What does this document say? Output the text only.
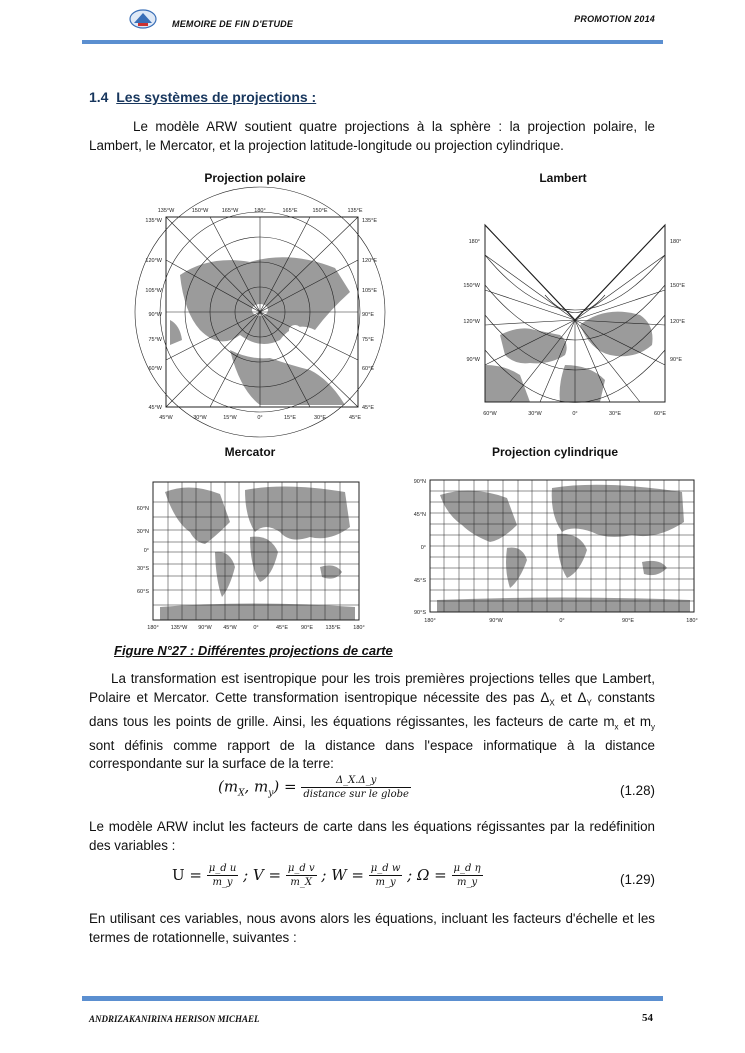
MEMOIRE DE FIN D'ETUDE	PROMOTION 2014
1.4 Les systèmes de projections :
Le modèle ARW soutient quatre projections à la sphère : la projection polaire, le Lambert, le Mercator, et la projection latitude-longitude ou projection cylindrique.
Projection polaire	Lambert
Mercator	Projection cylindrique
135°W	150°W 165°W	180°	165°E	150°E	135°E
135°W
120°W
105°W
90°W
75°W
60°W
45°W
135°E
120°E
105°E
90°E
75°E
60°E
45°E
45°W	30°W	15°W	0°	15°E	30°E	45°E
180°
150°W
120°W
90°W
180°
150°E
120°E
90°E
60°W	30°W	0°	30°E	60°E
60°N
30°N
0°
30°S
60°S
180° 135°W 90°W 45°W	0°	45°E 90°E 135°E 180°
90°N
45°N
0°
45°S
90°S
180°	90°W	0°	90°E	180°
Figure N°27 : Différentes projections de carte
La transformation est isentropique pour les trois premières projections telles que Lambert, Polaire et Mercator. Cette transformation isentropique nécessite des pas $\Delta_X$ et $\Delta_Y$ constants dans tous les points de grille. Ainsi, les équations régissantes, les facteurs de carte $m_x$ et $m_y$ sont définis comme rapport de la distance dans l'espace informatique à la distance correspondante sur la surface de la terre:
($m_X$, $m_y) = \frac{\Delta\_X.\Delta\_y}{\text{distance sur le globe}}$	(1.28)
Le modèle ARW inclut les facteurs de carte dans les équations régissantes par la redéfinition des variables :
$U = \frac{\text{μ\_d u}}{m\_y}$ ; $V = \frac{\text{μ\_d v}}{m\_X}$ ; $W = \frac{\text{μ\_d w}}{m\_y}$ ; $\Omega = \frac{\text{μ\_d η}}{m\_y}$	(1.29)
En utilisant ces variables, nous avons alors les équations, incluant les facteurs d'échelle et les termes de rotationnelle, suivantes :
ANDRIZAKANIRINA HERISON MICHAEL	54
